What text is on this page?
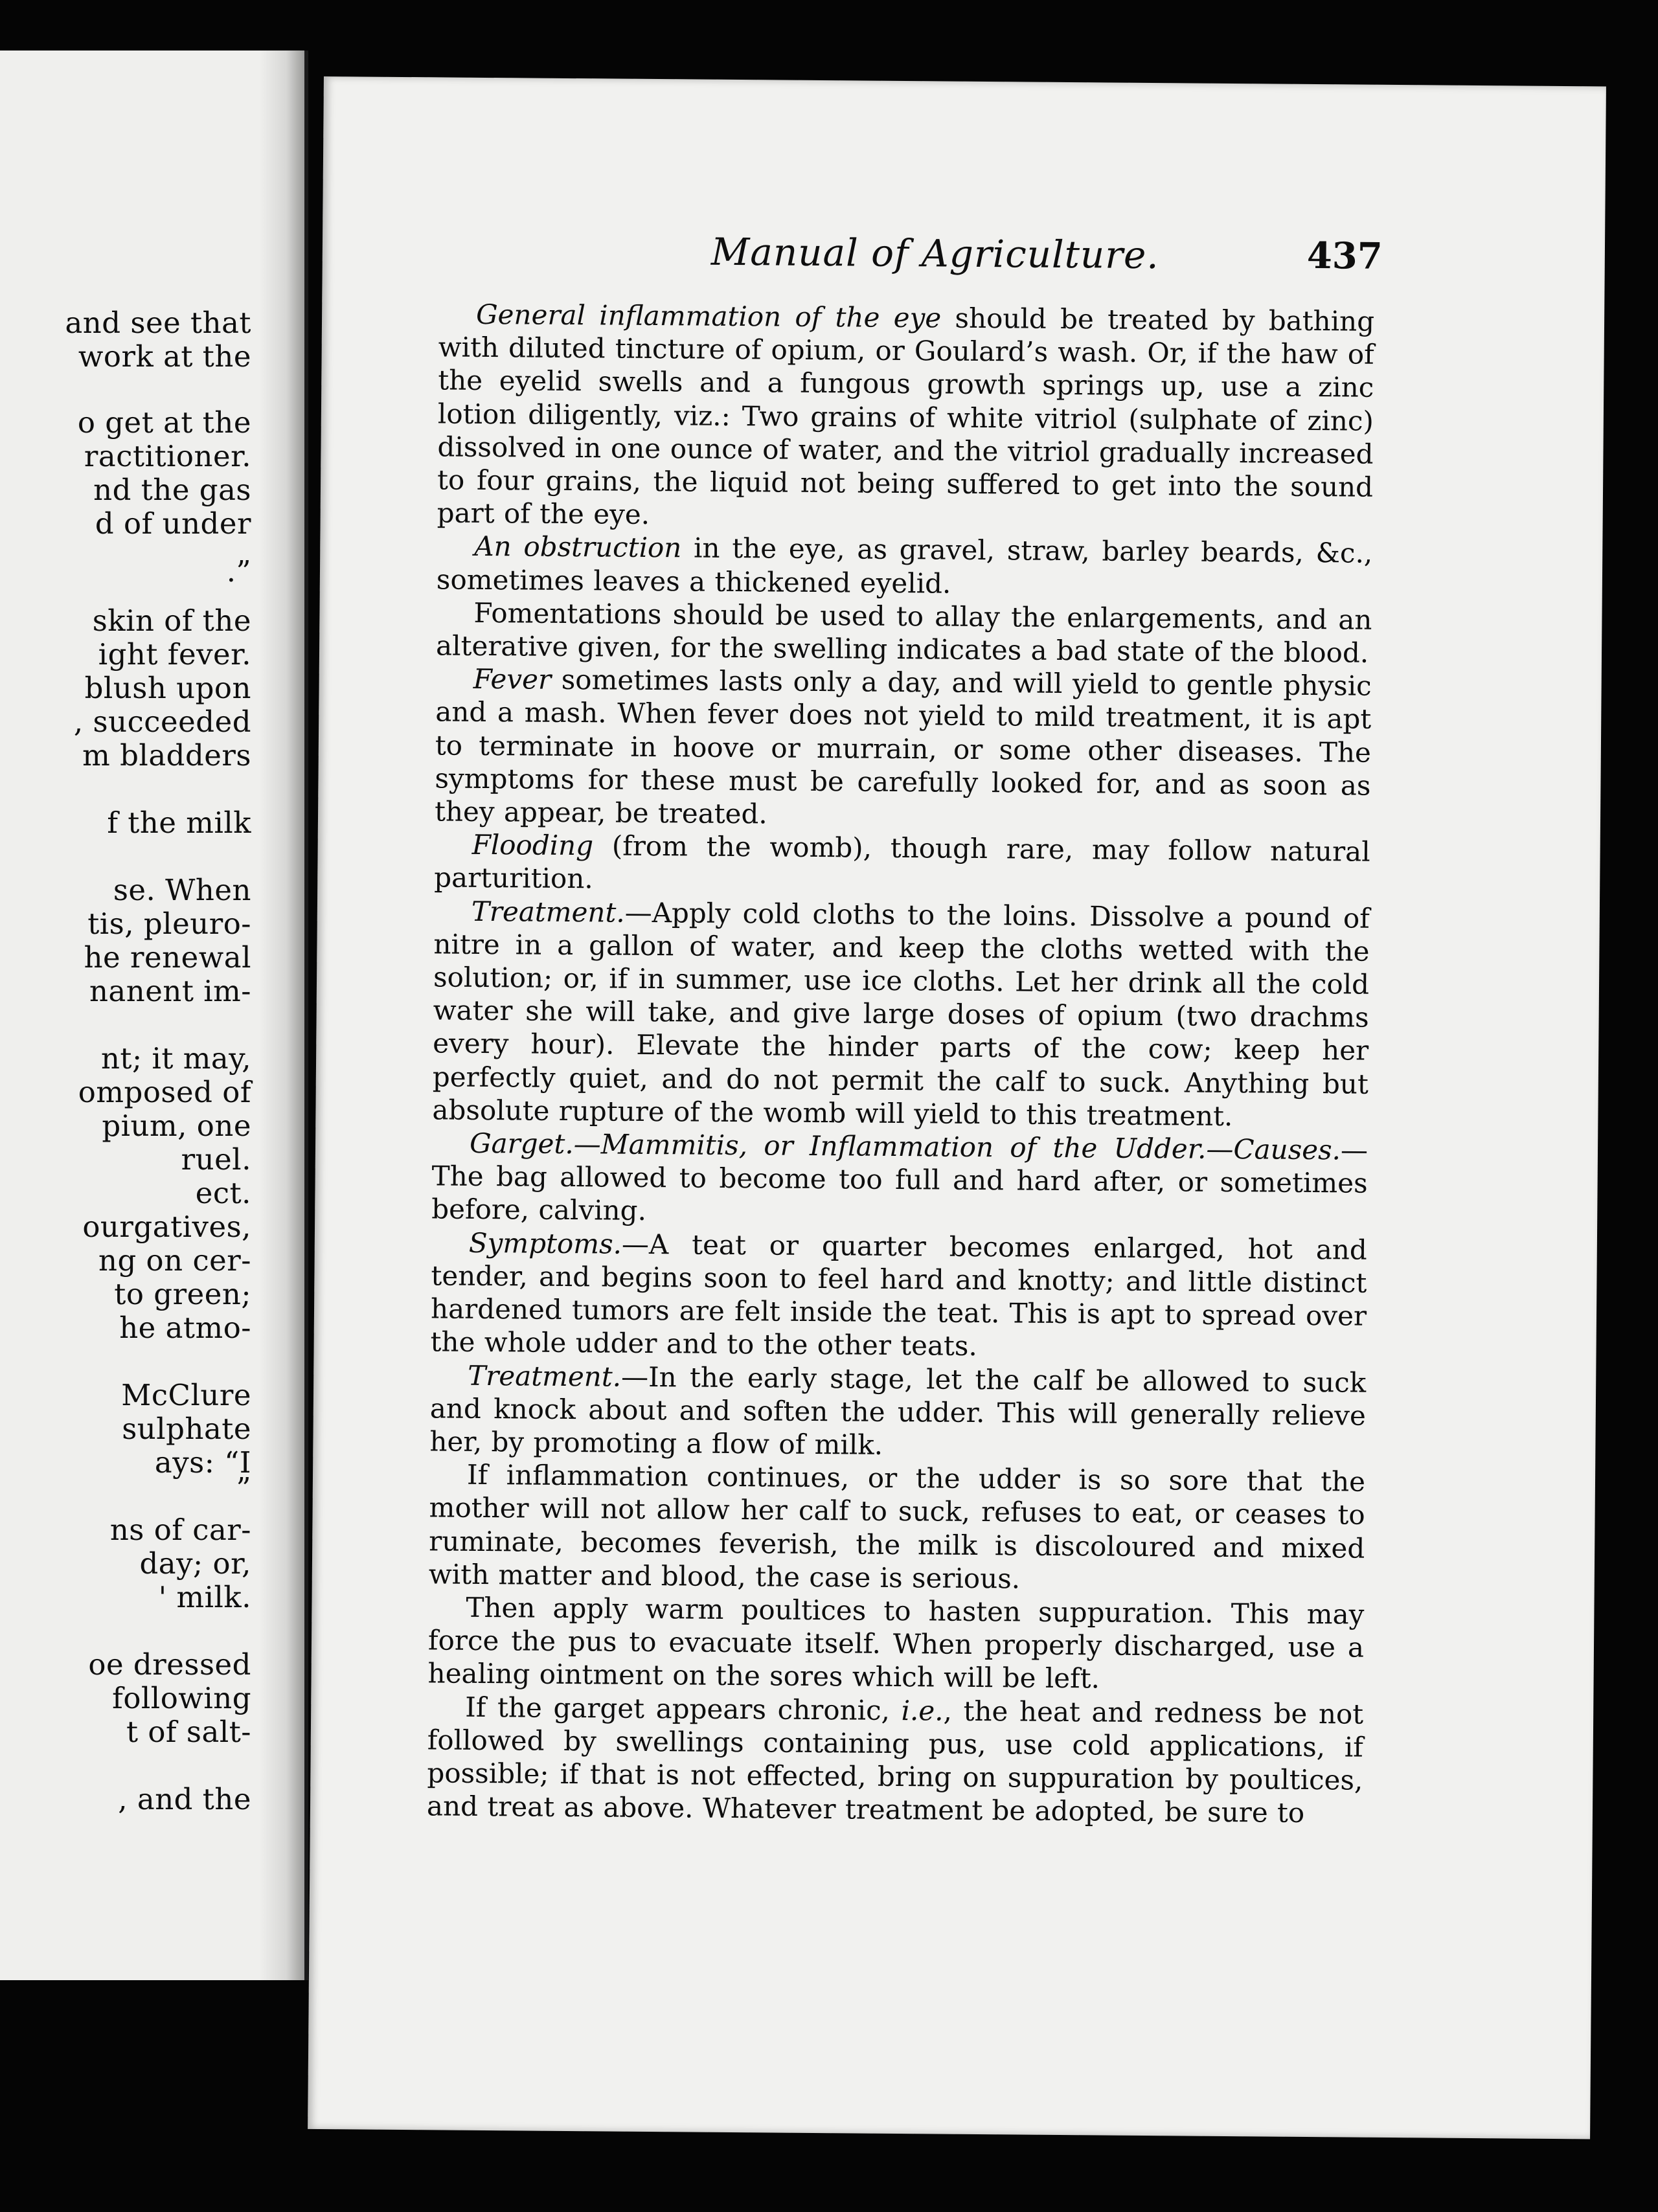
and see that
work at the
o get at the
ractitioner.
nd the gas
d of under
.”
skin of the
ight fever.
blush upon
, succeeded
m bladders
f the milk
se. When
tis, pleuro-
he renewal
nanent im-
nt; it may,
omposed of
pium, one
ruel.
ect.
ourgatives,
ng on cer-
to green;
he atmo-
McClure
sulphate
ays: “I
”
ns of car-
day; or,
' milk.
oe dressed
following
t of salt-
, and the
Manual of Agriculture.	437

General inflammation of the eye should be treated by bathing with diluted tincture of opium, or Goulard’s wash. Or, if the haw of the eyelid swells and a fungous growth springs up, use a zinc lotion diligently, viz.: Two grains of white vitriol (sulphate of zinc) dissolved in one ounce of water, and the vitriol gradually increased to four grains, the liquid not being suffered to get into the sound part of the eye.

An obstruction in the eye, as gravel, straw, barley beards, &c., sometimes leaves a thickened eyelid.

Fomentations should be used to allay the enlargements, and an alterative given, for the swelling indicates a bad state of the blood.

Fever sometimes lasts only a day, and will yield to gentle physic and a mash. When fever does not yield to mild treatment, it is apt to terminate in hoove or murrain, or some other diseases. The symptoms for these must be carefully looked for, and as soon as they appear, be treated.

Flooding (from the womb), though rare, may follow natural parturition.

Treatment.—Apply cold cloths to the loins. Dissolve a pound of nitre in a gallon of water, and keep the cloths wetted with the solution; or, if in summer, use ice cloths. Let her drink all the cold water she will take, and give large doses of opium (two drachms every hour). Elevate the hinder parts of the cow; keep her perfectly quiet, and do not permit the calf to suck. Anything but absolute rupture of the womb will yield to this treatment.

Garget.—Mammitis, or Inflammation of the Udder.—Causes.—The bag allowed to become too full and hard after, or sometimes before, calving.

Symptoms.—A teat or quarter becomes enlarged, hot and tender, and begins soon to feel hard and knotty; and little distinct hardened tumors are felt inside the teat. This is apt to spread over the whole udder and to the other teats.

Treatment.—In the early stage, let the calf be allowed to suck and knock about and soften the udder. This will generally relieve her, by promoting a flow of milk.

If inflammation continues, or the udder is so sore that the mother will not allow her calf to suck, refuses to eat, or ceases to ruminate, becomes feverish, the milk is discoloured and mixed with matter and blood, the case is serious.

Then apply warm poultices to hasten suppuration. This may force the pus to evacuate itself. When properly discharged, use a healing ointment on the sores which will be left.

If the garget appears chronic, i.e., the heat and redness be not followed by swellings containing pus, use cold applications, if possible; if that is not effected, bring on suppuration by poultices, and treat as above. Whatever treatment be adopted, be sure to
